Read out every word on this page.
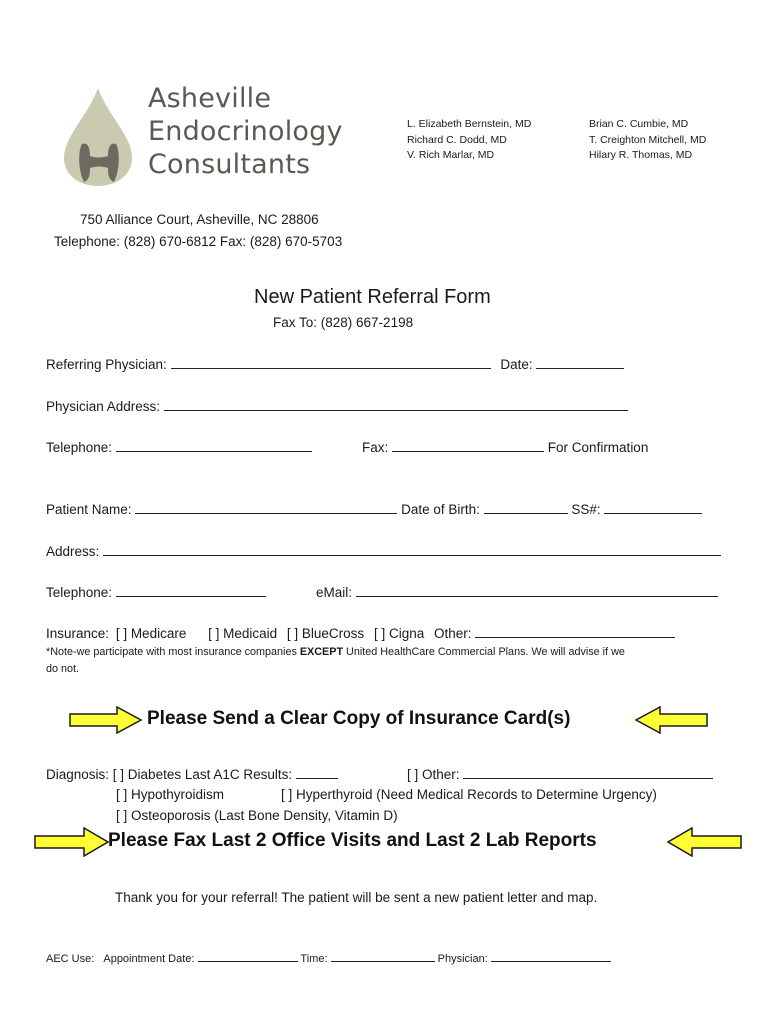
Asheville
Endocrinology
Consultants
L. Elizabeth Bernstein, MD
Richard C. Dodd, MD
V. Rich Marlar, MD
Brian C. Cumbie, MD
T. Creighton Mitchell, MD
Hilary R. Thomas, MD
750 Alliance Court, Asheville, NC 28806
Telephone: (828) 670-6812 Fax: (828) 670-5703
New Patient Referral Form
Fax To: (828) 667-2198
Referring Physician:	Date:
Physician Address:
Telephone:	Fax:	For Confirmation
Patient Name:	Date of Birth:	SS#:
Address:
Telephone:	eMail:
Insurance: [ ] Medicare [ ] Medicaid [ ] BlueCross [ ] Cigna Other:
*Note-we participate with most insurance companies EXCEPT United HealthCare Commercial Plans. We will advise if we
do not.
Please Send a Clear Copy of Insurance Card(s)
Diagnosis: [ ] Diabetes Last A1C Results:	[ ] Other:
[ ] Hypothyroidism	[ ] Hyperthyroid (Need Medical Records to Determine Urgency)
[ ] Osteoporosis (Last Bone Density, Vitamin D)
Please Fax Last 2 Office Visits and Last 2 Lab Reports
Thank you for your referral! The patient will be sent a new patient letter and map.
AEC Use: Appointment Date:	Time:	Physician:
